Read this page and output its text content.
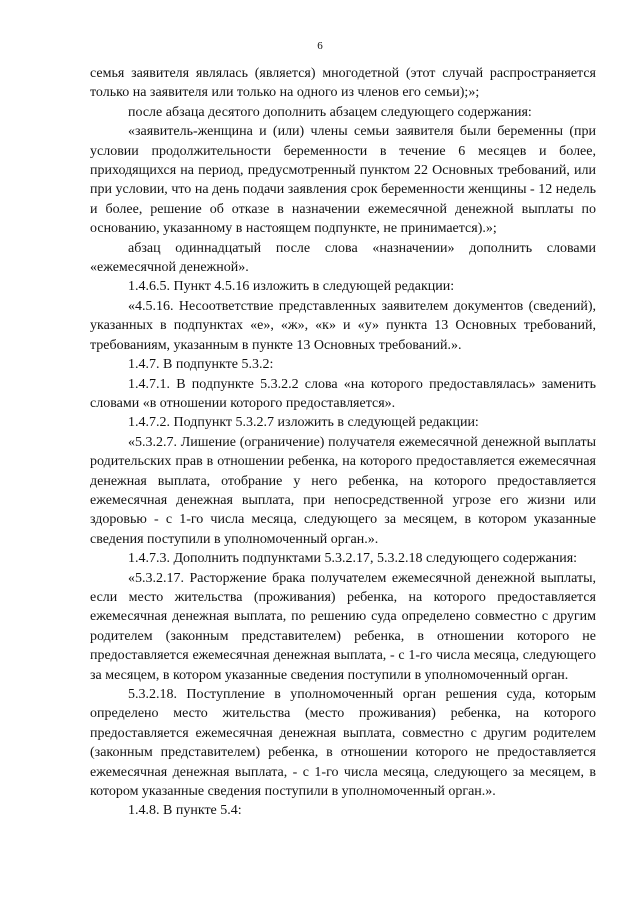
6

семья заявителя являлась (является) многодетной (этот случай распространяется только на заявителя или только на одного из членов его семьи);»;

после абзаца десятого дополнить абзацем следующего содержания:

«заявитель-женщина и (или) члены семьи заявителя были беременны (при условии продолжительности беременности в течение 6 месяцев и более, приходящихся на период, предусмотренный пунктом 22 Основных требований, или при условии, что на день подачи заявления срок беременности женщины - 12 недель и более, решение об отказе в назначении ежемесячной денежной выплаты по основанию, указанному в настоящем подпункте, не принимается).»;

абзац одиннадцатый после слова «назначении» дополнить словами «ежемесячной денежной».

1.4.6.5. Пункт 4.5.16 изложить в следующей редакции:

«4.5.16. Несоответствие представленных заявителем документов (сведений), указанных в подпунктах «е», «ж», «к» и «у» пункта 13 Основных требований, требованиям, указанным в пункте 13 Основных требований.».

1.4.7. В подпункте 5.3.2:

1.4.7.1. В подпункте 5.3.2.2 слова «на которого предоставлялась» заменить словами «в отношении которого предоставляется».

1.4.7.2. Подпункт 5.3.2.7 изложить в следующей редакции:

«5.3.2.7. Лишение (ограничение) получателя ежемесячной денежной выплаты родительских прав в отношении ребенка, на которого предоставляется ежемесячная денежная выплата, отобрание у него ребенка, на которого предоставляется ежемесячная денежная выплата, при непосредственной угрозе его жизни или здоровью - с 1-го числа месяца, следующего за месяцем, в котором указанные сведения поступили в уполномоченный орган.».

1.4.7.3. Дополнить подпунктами 5.3.2.17, 5.3.2.18 следующего содержания:

«5.3.2.17. Расторжение брака получателем ежемесячной денежной выплаты, если место жительства (проживания) ребенка, на которого предоставляется ежемесячная денежная выплата, по решению суда определено совместно с другим родителем (законным представителем) ребенка, в отношении которого не предоставляется ежемесячная денежная выплата, - с 1-го числа месяца, следующего за месяцем, в котором указанные сведения поступили в уполномоченный орган.

5.3.2.18. Поступление в уполномоченный орган решения суда, которым определено место жительства (место проживания) ребенка, на которого предоставляется ежемесячная денежная выплата, совместно с другим родителем (законным представителем) ребенка, в отношении которого не предоставляется ежемесячная денежная выплата, - с 1-го числа месяца, следующего за месяцем, в котором указанные сведения поступили в уполномоченный орган.».

1.4.8. В пункте 5.4:
